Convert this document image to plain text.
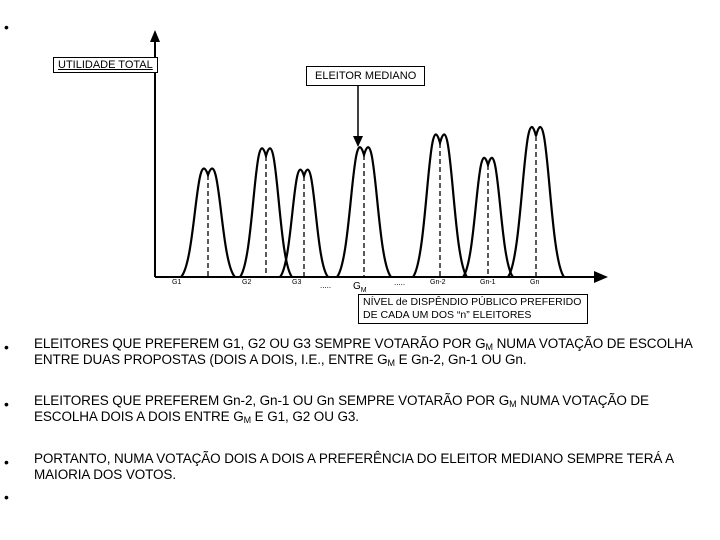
•
UTILIDADE TOTAL
ELEITOR MEDIANO
NÍVEL de DISPÊNDIO PÚBLICO PREFERIDO
DE CADA UM DOS “n” ELEITORES
G1	G2	G3 ..... $G_M$
.....	Gn-2	Gn-1	Gn
• ELEITORES QUE PREFEREM G1, G2 OU G3 SEMPRE VOTARÃO POR $G_M$ NUMA VOTAÇÃO DE ESCOLHA ENTRE DUAS PROPOSTAS (DOIS A DOIS, I.E., ENTRE $G_M$ E Gn-2, Gn-1 OU Gn.
• ELEITORES QUE PREFEREM Gn-2, Gn-1 OU Gn SEMPRE VOTARÃO POR $G_M$ NUMA VOTAÇÃO DE ESCOLHA DOIS A DOIS ENTRE $G_M$ E G1, G2 OU G3.
• PORTANTO, NUMA VOTAÇÃO DOIS A DOIS A PREFERÊNCIA DO ELEITOR MEDIANO SEMPRE TERÁ A MAIORIA DOS VOTOS.
•
